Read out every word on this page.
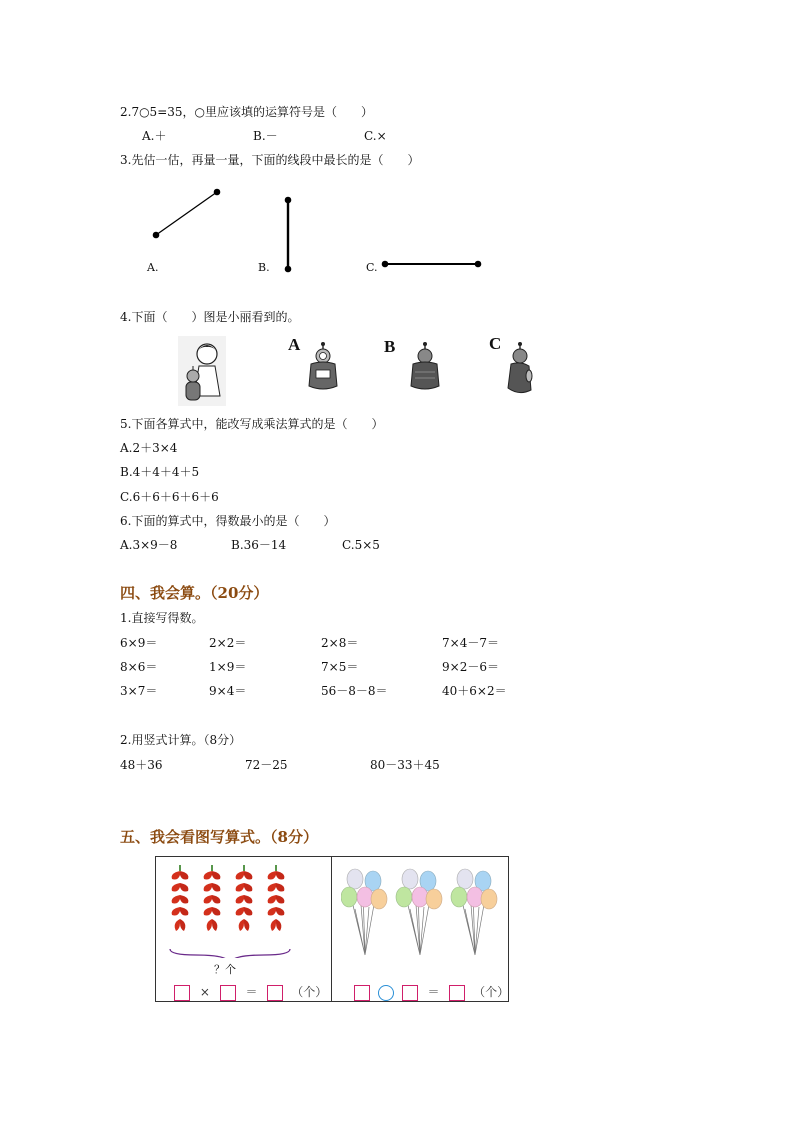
2.7○5=35，○里应该填的运算符号是（　　）
A.＋	B.－	C.×
3.先估一估，再量一量，下面的线段中最长的是（　　）
A.	B.	C.
4.下面（　　）图是小丽看到的。
A	B	C
5.下面各算式中，能改写成乘法算式的是（　　）
A.2＋3×4
B.4＋4＋4＋5
C.6＋6＋6＋6＋6
6.下面的算式中，得数最小的是（　　）
A.3×9－8	B.36－14	C.5×5
四、我会算。（20分）
1.直接写得数。
6×9＝	2×2＝	2×8＝	7×4－7＝
8×6＝	1×9＝	7×5＝	9×2－6＝
3×7＝	9×4＝	56－8－8＝	40＋6×2＝
2.用竖式计算。（8分）
48＋36	72－25	80－33＋45
五、我会看图写算式。（8分）
？个
×	＝	（个）	＝	（个）
